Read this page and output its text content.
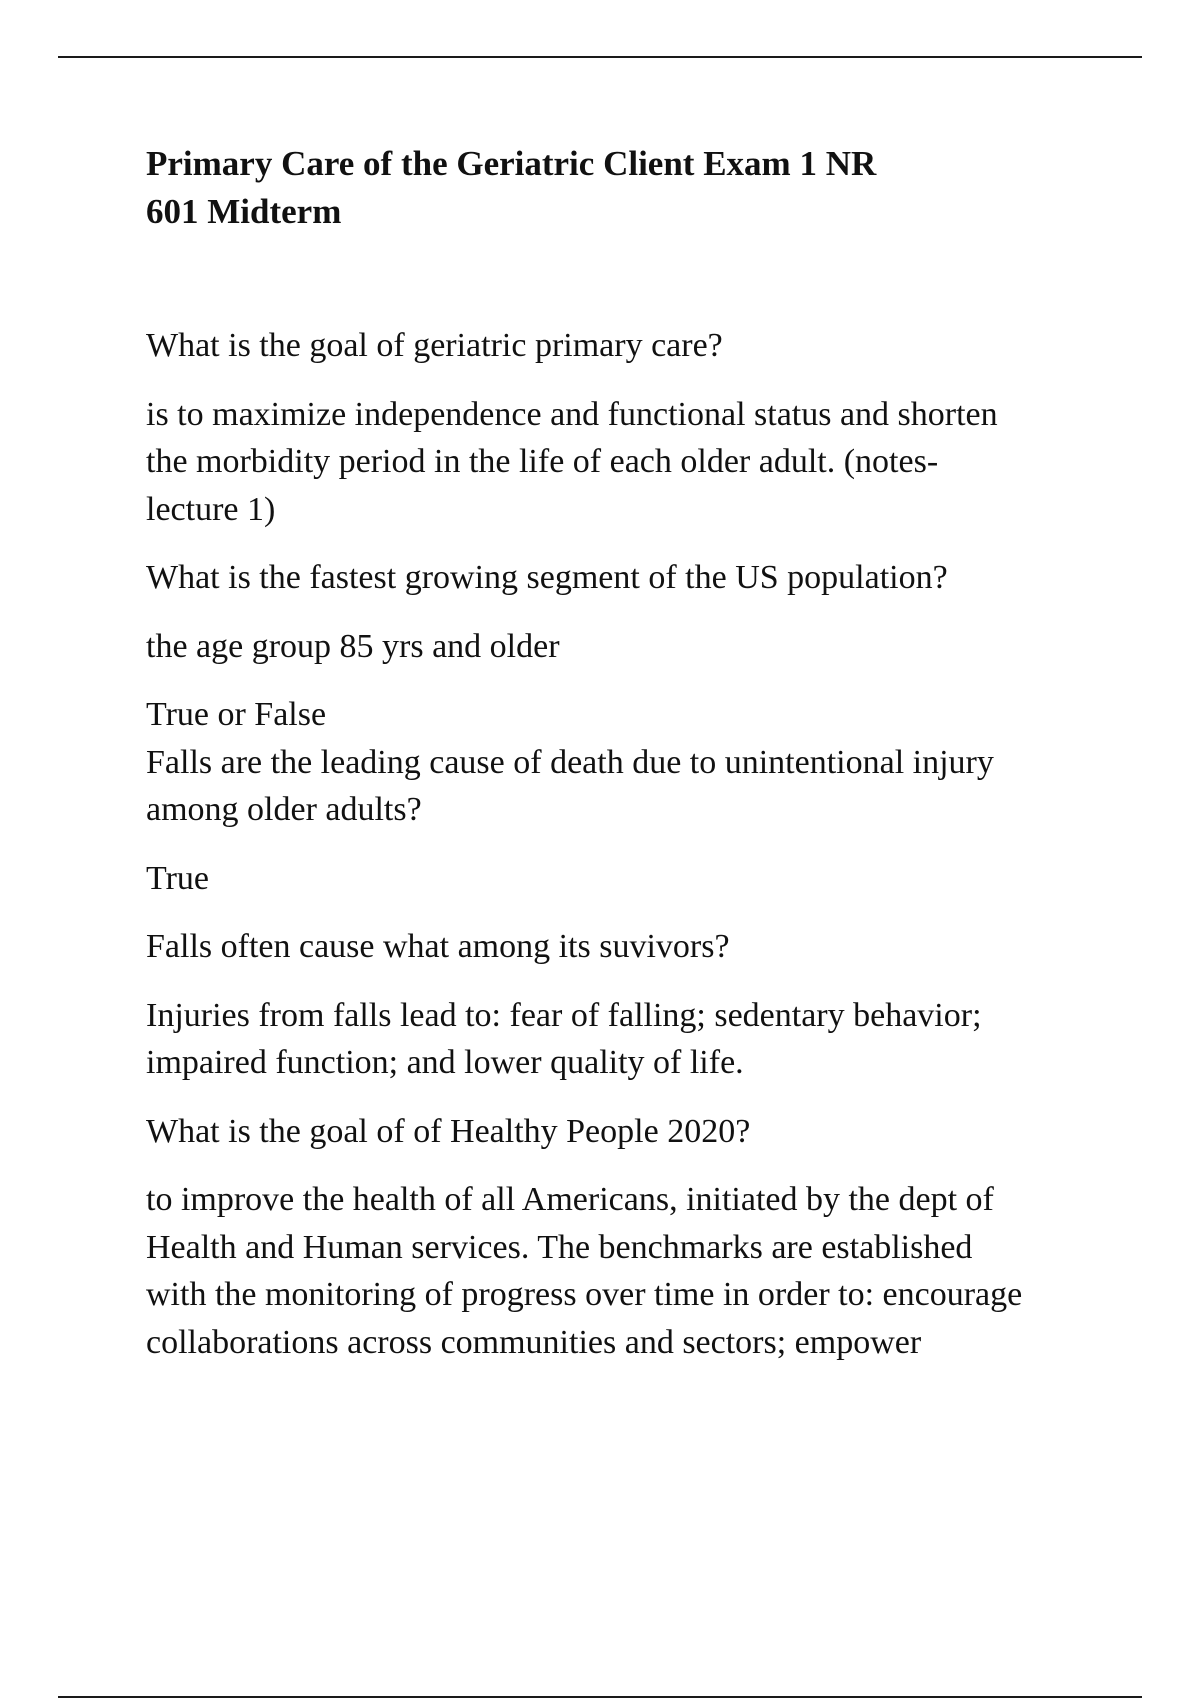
Primary Care of the Geriatric Client Exam 1 NR
601 Midterm

What is the goal of geriatric primary care?

is to maximize independence and functional status and shorten
the morbidity period in the life of each older adult. (notes-
lecture 1)

What is the fastest growing segment of the US population?

the age group 85 yrs and older

True or False
Falls are the leading cause of death due to unintentional injury
among older adults?

True

Falls often cause what among its suvivors?

Injuries from falls lead to: fear of falling; sedentary behavior;
impaired function; and lower quality of life.

What is the goal of of Healthy People 2020?

to improve the health of all Americans, initiated by the dept of
Health and Human services. The benchmarks are established
with the monitoring of progress over time in order to: encourage
collaborations across communities and sectors; empower
